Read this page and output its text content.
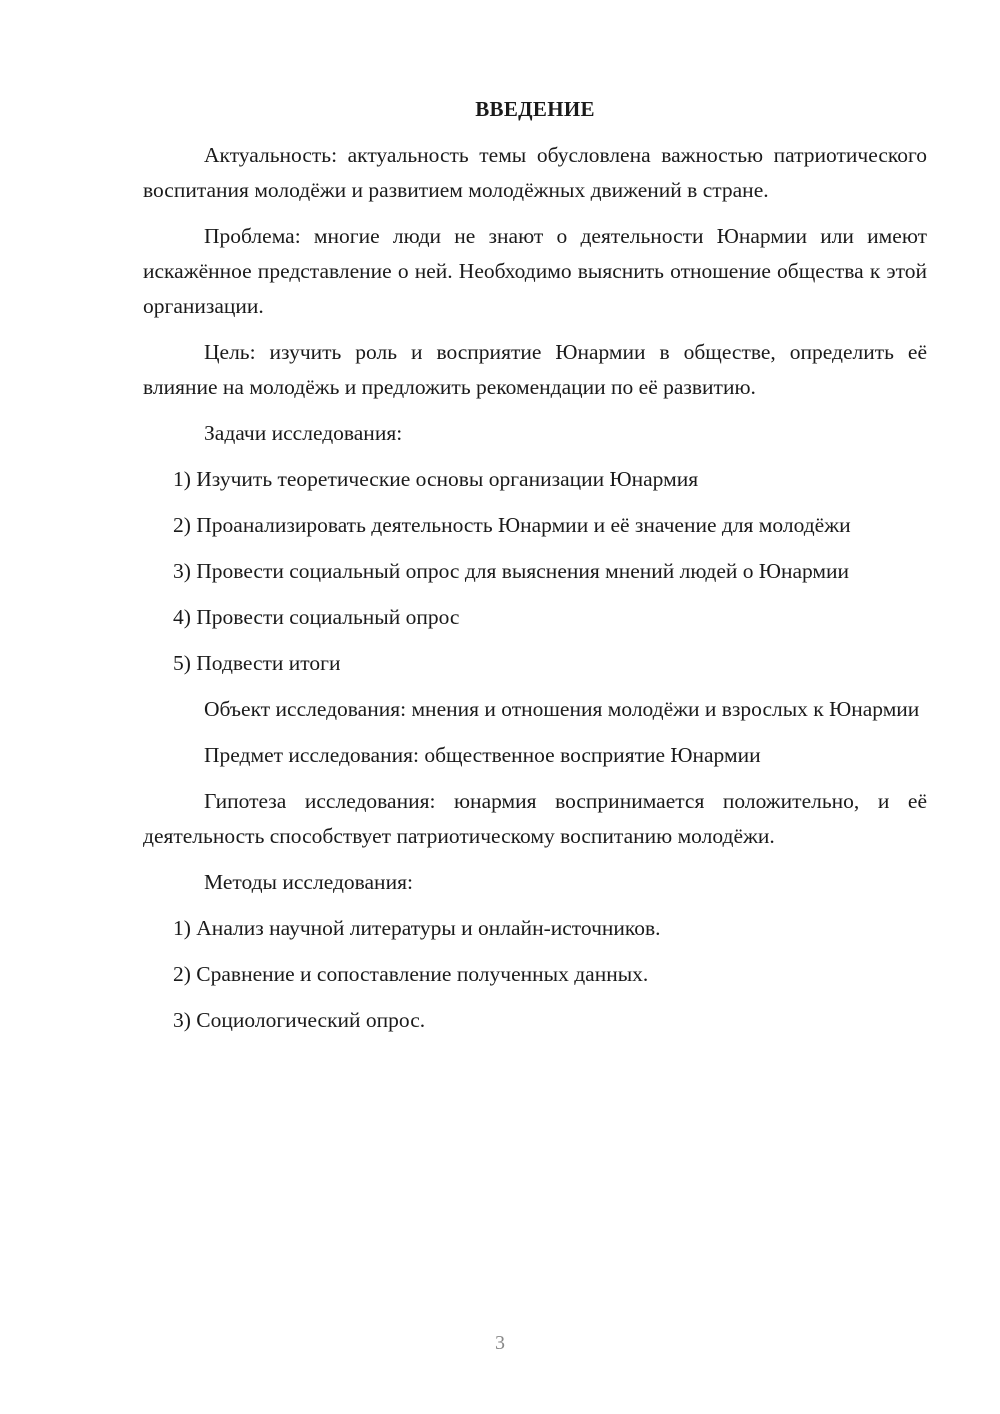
ВВЕДЕНИЕ

Актуальность: актуальность темы обусловлена важностью патриотического воспитания молодёжи и развитием молодёжных движений в стране.

Проблема: многие люди не знают о деятельности Юнармии или имеют искажённое представление о ней. Необходимо выяснить отношение общества к этой организации.

Цель: изучить роль и восприятие Юнармии в обществе, определить её влияние на молодёжь и предложить рекомендации по её развитию.

Задачи исследования:

1) Изучить теоретические основы организации Юнармия

2) Проанализировать деятельность Юнармии и её значение для молодёжи

3) Провести социальный опрос для выяснения мнений людей о Юнармии

4) Провести социальный опрос

5) Подвести итоги

Объект исследования: мнения и отношения молодёжи и взрослых к Юнармии

Предмет исследования: общественное восприятие Юнармии

Гипотеза исследования: юнармия воспринимается положительно, и её деятельность способствует патриотическому воспитанию молодёжи.

Методы исследования:

1) Анализ научной литературы и онлайн-источников.

2) Сравнение и сопоставление полученных данных.

3) Социологический опрос.

3
